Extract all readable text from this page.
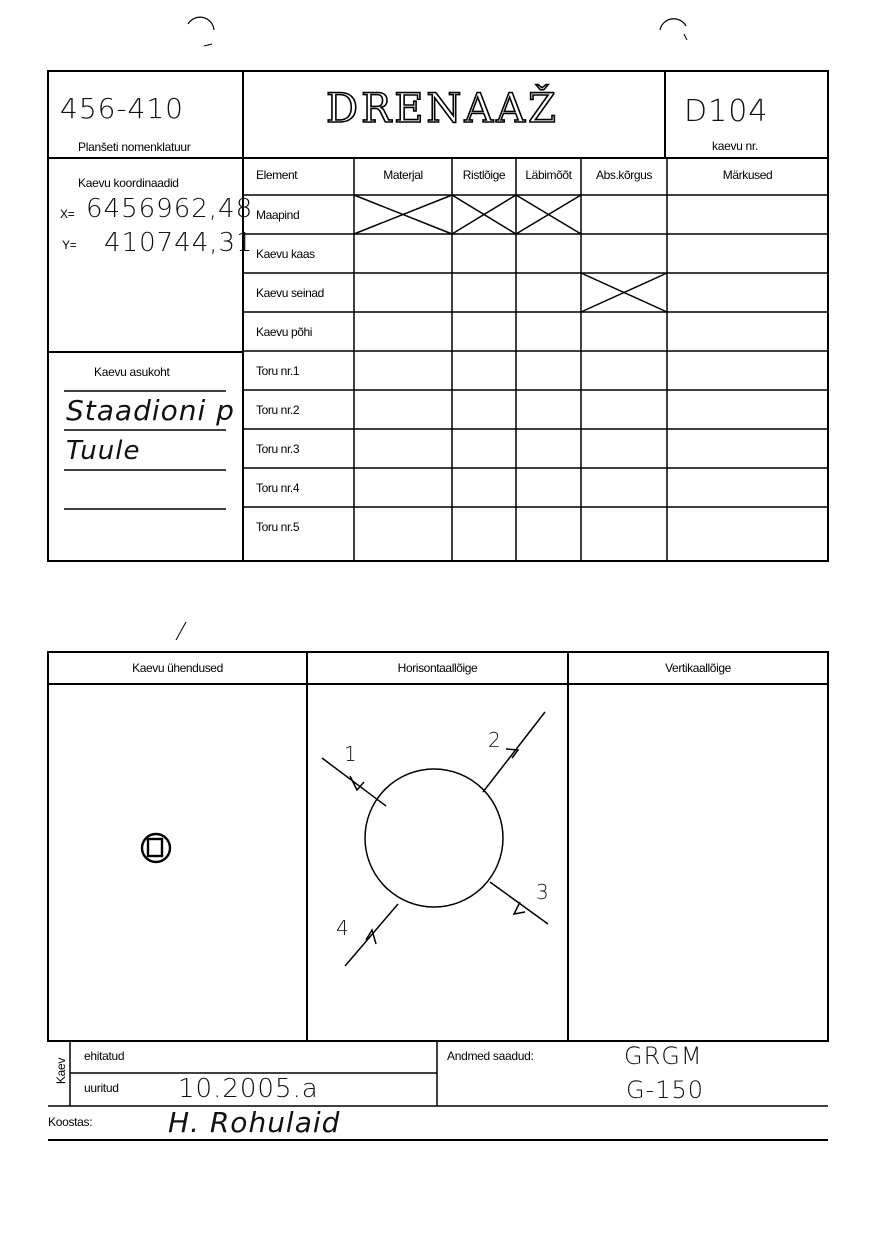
456-410
Planšeti nomenklatuur
DRENAAŽ	D104
kaevu nr.
Kaevu koordinaadid
X= 6456962,48
Y= 410744,31
Kaevu asukoht
Staadioni p
Tuule
Element	Materjal	Ristlõige	Läbimõõt	Abs.kõrgus	Märkused
Maapind
Kaevu kaas
Kaevu seinad
Kaevu põhi
Toru nr.1
Toru nr.2
Toru nr.3
Toru nr.4
Toru nr.5
Kaevu ühendused	Horisontaallõige	Vertikaallõige
1
2
3
4
Kaev
ehitatud
uuritud 10.2005.a
Andmed saadud:	GRGM
G-150
Koostas:	H. Rohulaid
